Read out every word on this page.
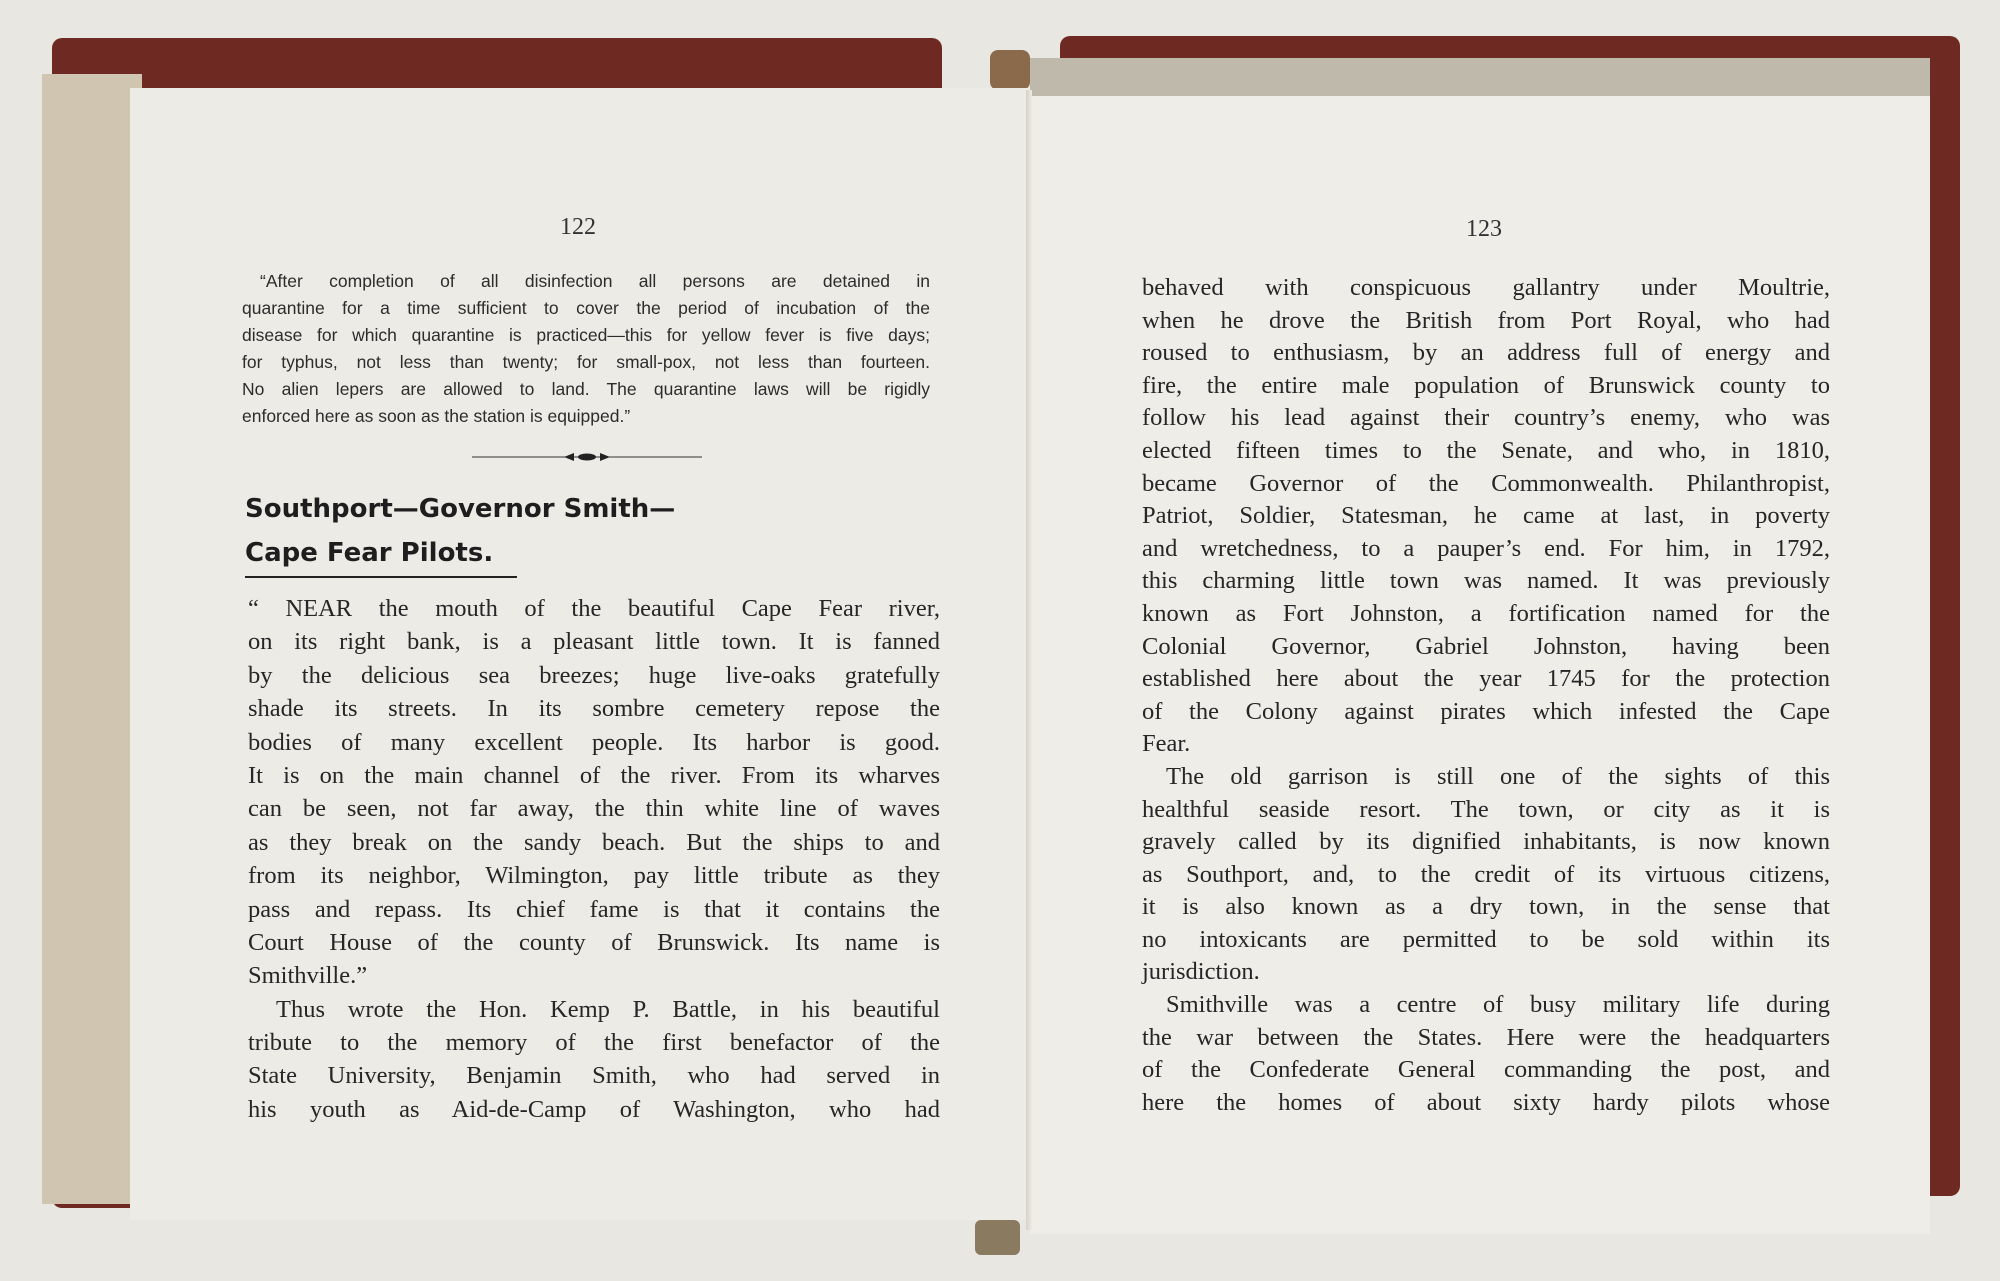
122
“After completion of all disinfection all persons are detained in
quarantine for a time sufficient to cover the period of incubation of the
disease for which quarantine is practiced—this for yellow fever is five days;
for typhus, not less than twenty; for small-pox, not less than fourteen.
No alien lepers are allowed to land. The quarantine laws will be rigidly
enforced here as soon as the station is equipped.”
Southport—Governor Smith—
Cape Fear Pilots.
“ NEAR the mouth of the beautiful Cape Fear river,
on its right bank, is a pleasant little town. It is fanned
by the delicious sea breezes; huge live-oaks gratefully
shade its streets. In its sombre cemetery repose the
bodies of many excellent people. Its harbor is good.
It is on the main channel of the river. From its wharves
can be seen, not far away, the thin white line of waves
as they break on the sandy beach. But the ships to and
from its neighbor, Wilmington, pay little tribute as they
pass and repass. Its chief fame is that it contains the
Court House of the county of Brunswick. Its name is
Smithville.”
Thus wrote the Hon. Kemp P. Battle, in his beautiful
tribute to the memory of the first benefactor of the
State University, Benjamin Smith, who had served in
his youth as Aid-de-Camp of Washington, who had
123
behaved with conspicuous gallantry under Moultrie,
when he drove the British from Port Royal, who had
roused to enthusiasm, by an address full of energy and
fire, the entire male population of Brunswick county to
follow his lead against their country’s enemy, who was
elected fifteen times to the Senate, and who, in 1810,
became Governor of the Commonwealth. Philanthropist,
Patriot, Soldier, Statesman, he came at last, in poverty
and wretchedness, to a pauper’s end. For him, in 1792,
this charming little town was named. It was previously
known as Fort Johnston, a fortification named for the
Colonial Governor, Gabriel Johnston, having been
established here about the year 1745 for the protection
of the Colony against pirates which infested the Cape
Fear.
The old garrison is still one of the sights of this
healthful seaside resort. The town, or city as it is
gravely called by its dignified inhabitants, is now known
as Southport, and, to the credit of its virtuous citizens,
it is also known as a dry town, in the sense that
no intoxicants are permitted to be sold within its
jurisdiction.
Smithville was a centre of busy military life during
the war between the States. Here were the headquarters
of the Confederate General commanding the post, and
here the homes of about sixty hardy pilots whose
